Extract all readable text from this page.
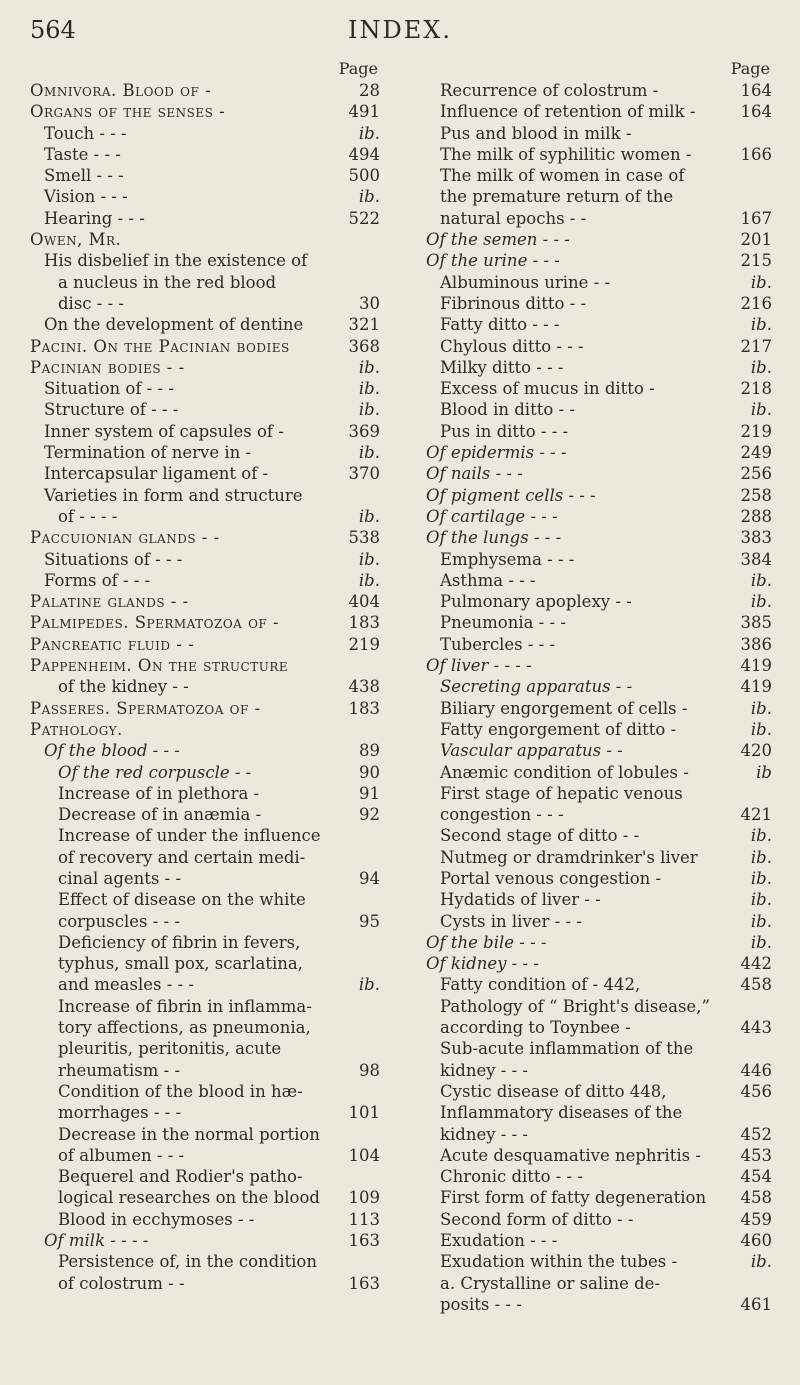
564	INDEX.
Page
Omnivora. Blood of -	28
Organs of the senses -	491
Touch - - -	ib.
Taste - - -	494
Smell - - -	500
Vision - - -	ib.
Hearing - - -	522
Owen, Mr.
His disbelief in the existence of
a nucleus in the red blood
disc - - -	30
On the development of dentine	321
Pacini. On the Pacinian bodies	368
Pacinian bodies - -	ib.
Situation of - - -	ib.
Structure of - - -	ib.
Inner system of capsules of -	369
Termination of nerve in -	ib.
Intercapsular ligament of -	370
Varieties in form and structure
of - - - -	ib.
Paccuionian glands - -	538
Situations of - - -	ib.
Forms of - - -	ib.
Palatine glands - -	404
Palmipedes. Spermatozoa of -	183
Pancreatic fluid - -	219
Pappenheim. On the structure
of the kidney - -	438
Passeres. Spermatozoa of -	183
Pathology.
Of the blood - - -	89
Of the red corpuscle - -	90
Increase of in plethora -	91
Decrease of in anæmia -	92
Increase of under the influence
of recovery and certain medi-
cinal agents - -	94
Effect of disease on the white
corpuscles - - -	95
Deficiency of fibrin in fevers,
typhus, small pox, scarlatina,
and measles - - -	ib.
Increase of fibrin in inflamma-
tory affections, as pneumonia,
pleuritis, peritonitis, acute
rheumatism - -	98
Condition of the blood in hæ-
morrhages - - -	101
Decrease in the normal portion
of albumen - - -	104
Bequerel and Rodier's patho-
logical researches on the blood	109
Blood in ecchymoses - -	113
Of milk - - - -	163
Persistence of, in the condition
of colostrum - -	163
Page
Recurrence of colostrum -	164
Influence of retention of milk -	164
Pus and blood in milk -
The milk of syphilitic women -	166
The milk of women in case of
the premature return of the
natural epochs - -	167
Of the semen - - -	201
Of the urine - - -	215
Albuminous urine - -	ib.
Fibrinous ditto - -	216
Fatty ditto - - -	ib.
Chylous ditto - - -	217
Milky ditto - - -	ib.
Excess of mucus in ditto -	218
Blood in ditto - -	ib.
Pus in ditto - - -	219
Of epidermis - - -	249
Of nails - - -	256
Of pigment cells - - -	258
Of cartilage - - -	288
Of the lungs - - -	383
Emphysema - - -	384
Asthma - - -	ib.
Pulmonary apoplexy - -	ib.
Pneumonia - - -	385
Tubercles - - -	386
Of liver - - - -	419
Secreting apparatus - -	419
Biliary engorgement of cells -	ib.
Fatty engorgement of ditto -	ib.
Vascular apparatus - -	420
Anæmic condition of lobules -	ib
First stage of hepatic venous
congestion - - -	421
Second stage of ditto - -	ib.
Nutmeg or dramdrinker's liver	ib.
Portal venous congestion -	ib.
Hydatids of liver - -	ib.
Cysts in liver - - -	ib.
Of the bile - - -	ib.
Of kidney - - -	442
Fatty condition of - 442,	458
Pathology of “ Bright's disease,”
according to Toynbee -	443
Sub-acute inflammation of the
kidney - - -	446
Cystic disease of ditto 448,	456
Inflammatory diseases of the
kidney - - -	452
Acute desquamative nephritis -	453
Chronic ditto - - -	454
First form of fatty degeneration	458
Second form of ditto - -	459
Exudation - - -	460
Exudation within the tubes -	ib.
a. Crystalline or saline de-
posits - - -	461
